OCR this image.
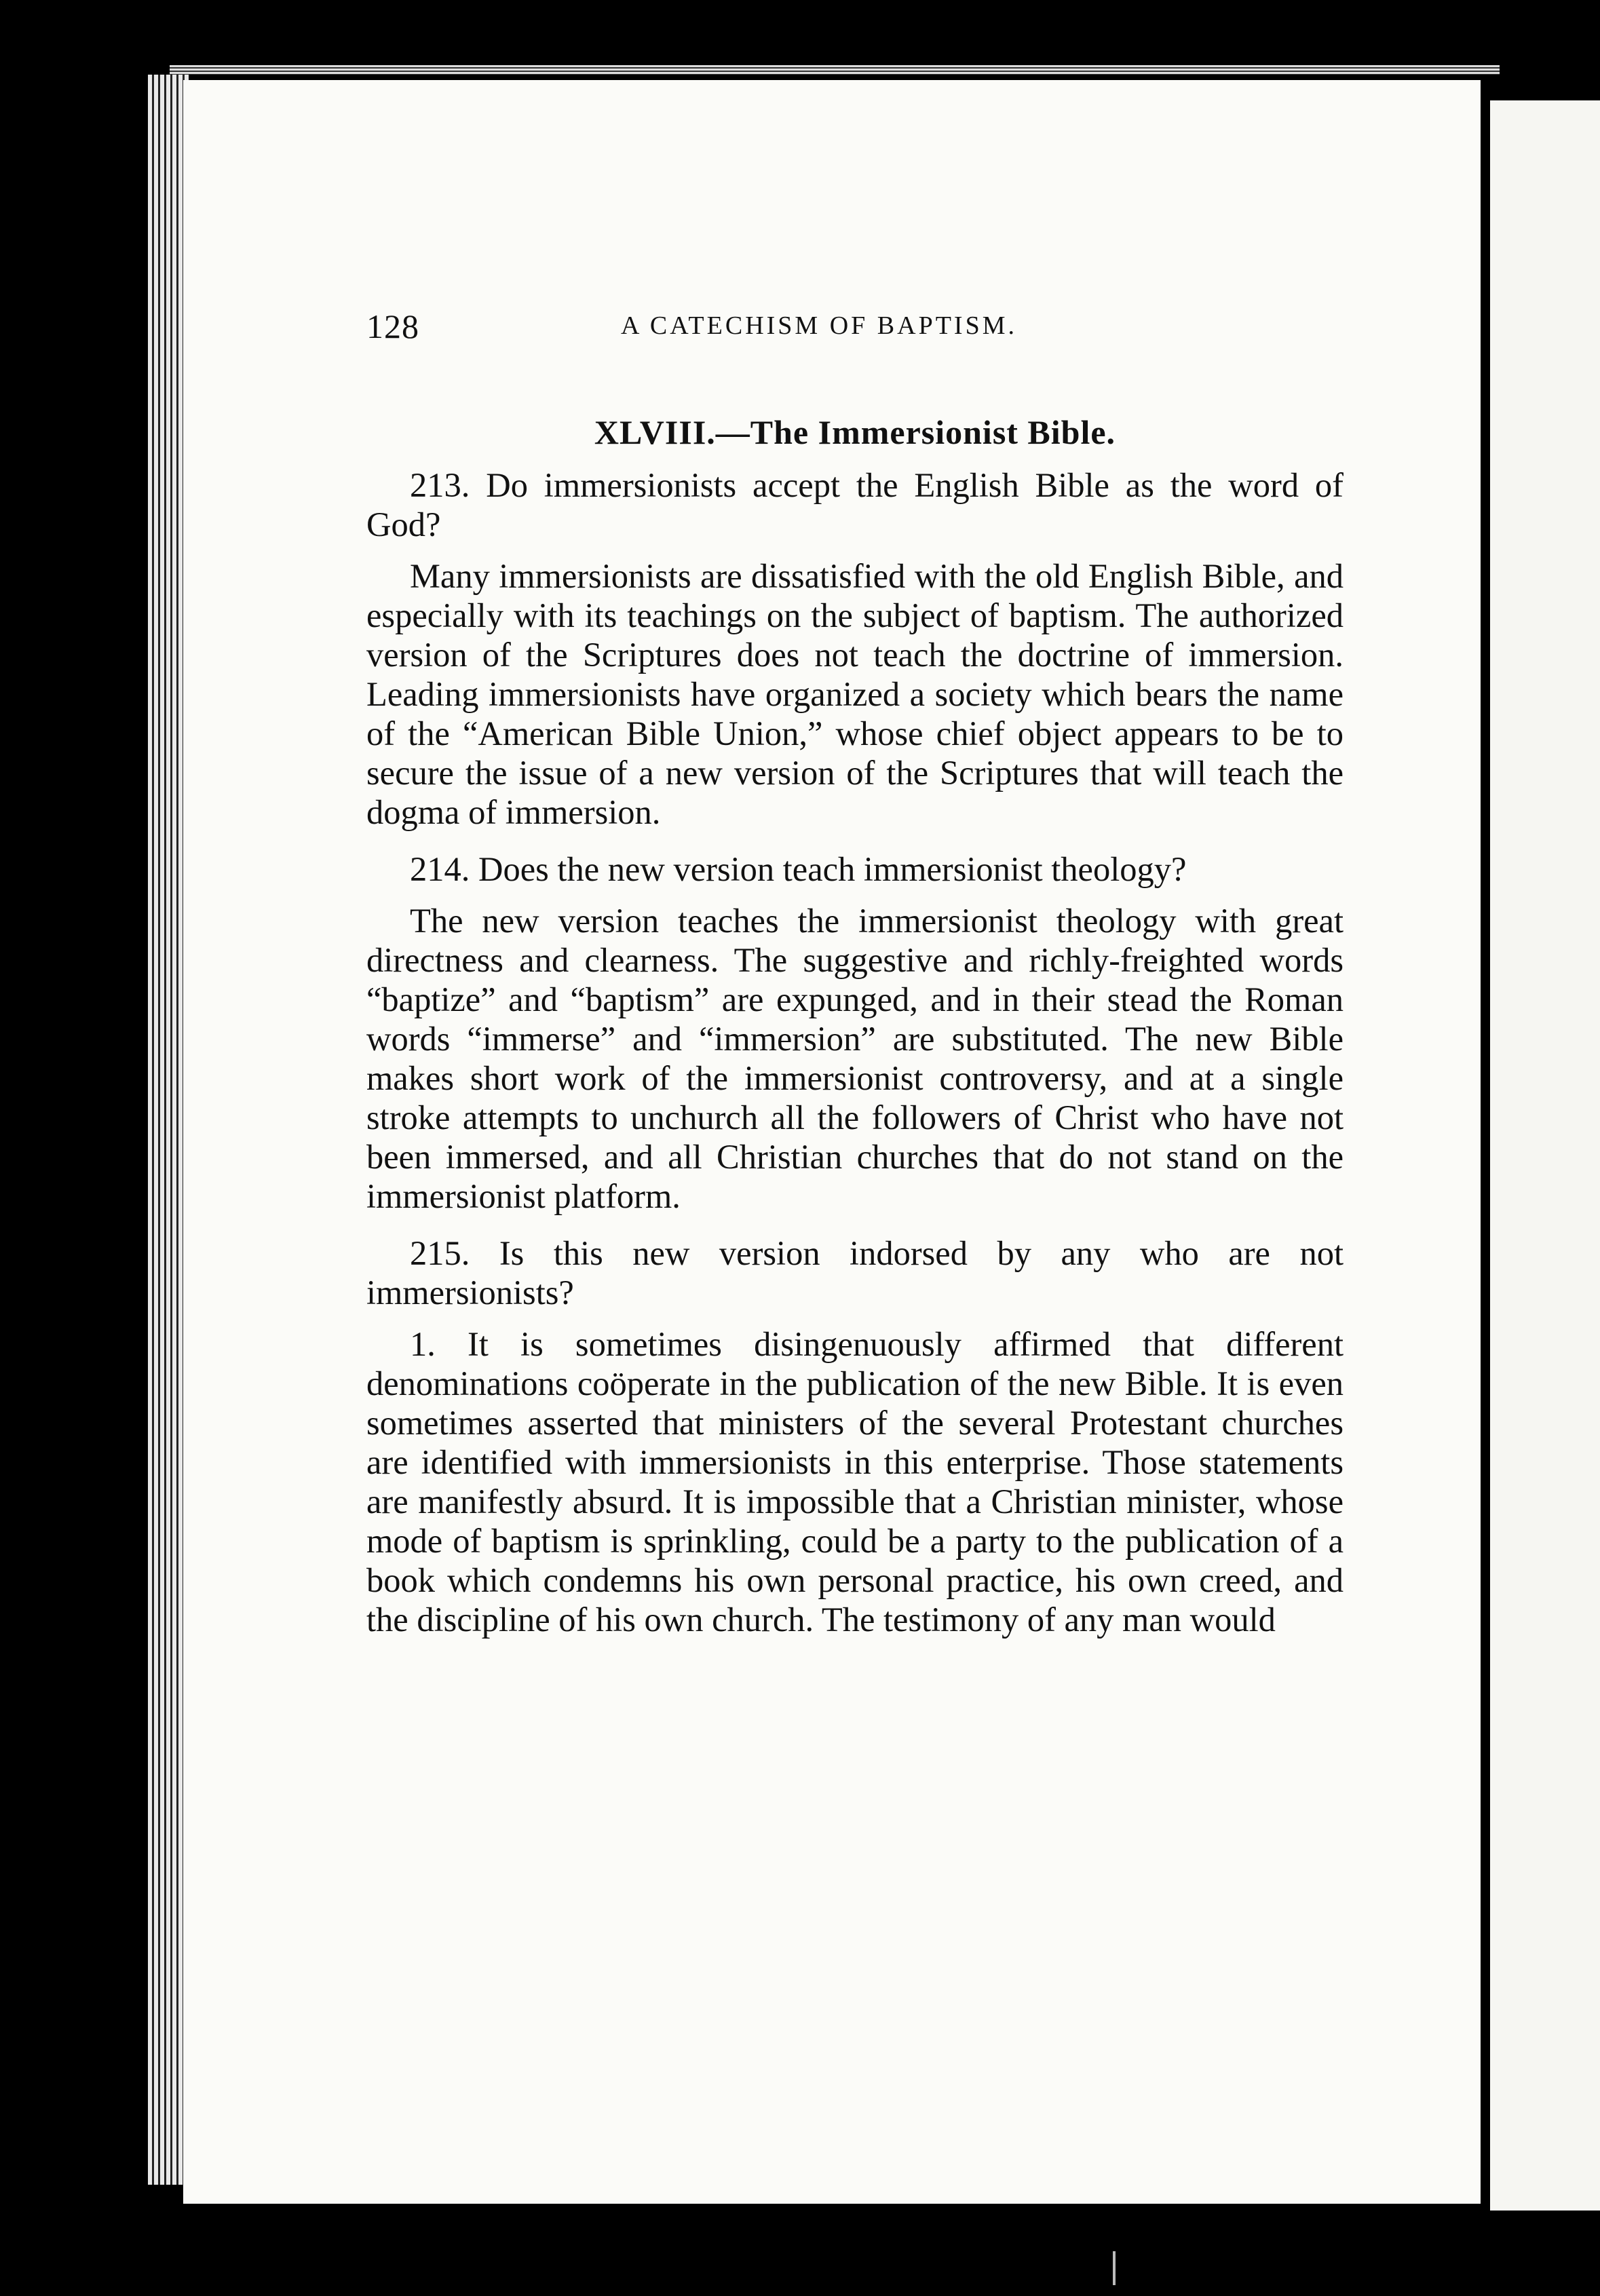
128	A CATECHISM OF BAPTISM.
XLVIII.—The Immersionist Bible.

213. Do immersionists accept the English Bible as the word of God?

Many immersionists are dissatisfied with the old English Bible, and especially with its teachings on the subject of baptism. The authorized version of the Scriptures does not teach the doctrine of immersion. Leading immersionists have organized a society which bears the name of the “American Bible Union,” whose chief object appears to be to secure the issue of a new version of the Scriptures that will teach the dogma of immersion.

214. Does the new version teach immersionist theology?

The new version teaches the immersionist theology with great directness and clearness. The suggestive and richly-freighted words “baptize” and “baptism” are expunged, and in their stead the Roman words “immerse” and “immersion” are substituted. The new Bible makes short work of the immersionist controversy, and at a single stroke attempts to unchurch all the followers of Christ who have not been immersed, and all Christian churches that do not stand on the immersionist platform.

215. Is this new version indorsed by any who are not immersionists?

1. It is sometimes disingenuously affirmed that different denominations coöperate in the publication of the new Bible. It is even sometimes asserted that ministers of the several Protestant churches are identified with immersionists in this enterprise. Those statements are manifestly absurd. It is impossible that a Christian minister, whose mode of baptism is sprinkling, could be a party to the publication of a book which condemns his own personal practice, his own creed, and the discipline of his own church. The testimony of any man would
